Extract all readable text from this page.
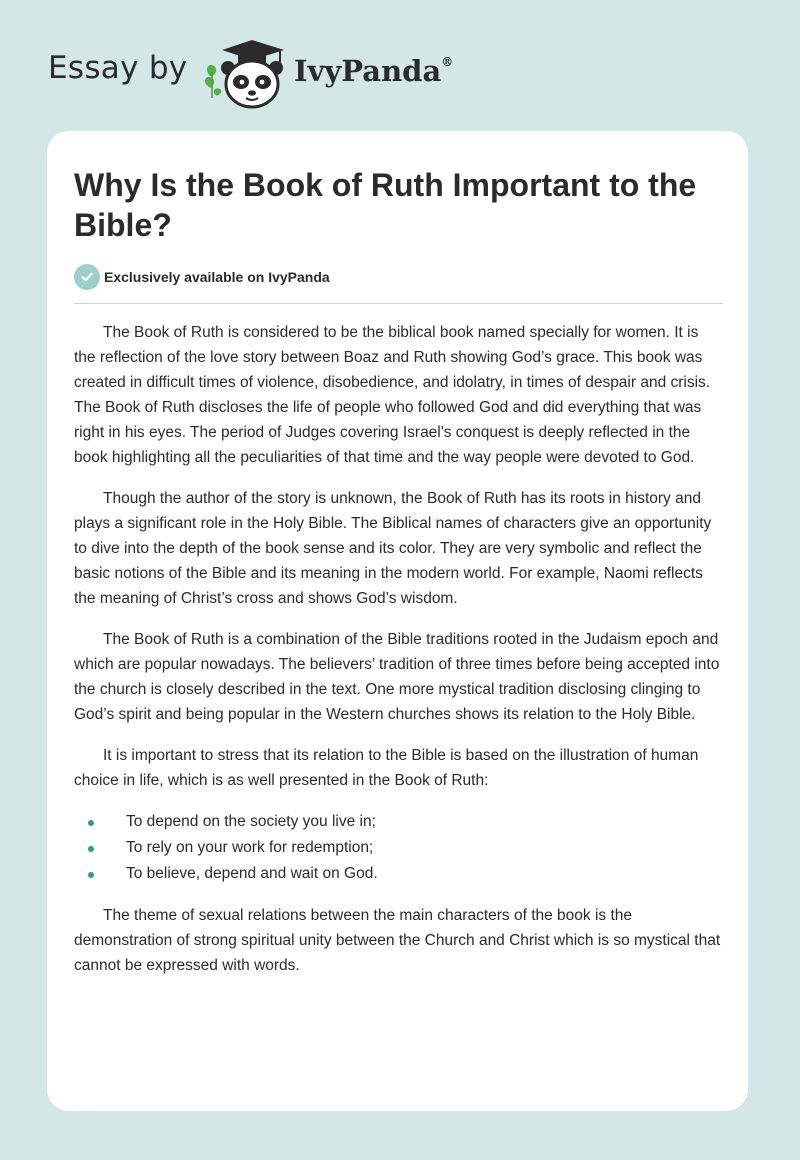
Essay by	IvyPanda®
Why Is the Book of Ruth Important to the Bible?
Exclusively available on IvyPanda

The Book of Ruth is considered to be the biblical book named specially for women. It is the reflection of the love story between Boaz and Ruth showing God’s grace. This book was created in difficult times of violence, disobedience, and idolatry, in times of despair and crisis. The Book of Ruth discloses the life of people who followed God and did everything that was right in his eyes. The period of Judges covering Israel's conquest is deeply reflected in the book highlighting all the peculiarities of that time and the way people were devoted to God.

Though the author of the story is unknown, the Book of Ruth has its roots in history and plays a significant role in the Holy Bible. The Biblical names of characters give an opportunity to dive into the depth of the book sense and its color. They are very symbolic and reflect the basic notions of the Bible and its meaning in the modern world. For example, Naomi reflects the meaning of Christ’s cross and shows God’s wisdom.

The Book of Ruth is a combination of the Bible traditions rooted in the Judaism epoch and which are popular nowadays. The believers’ tradition of three times before being accepted into the church is closely described in the text. One more mystical tradition disclosing clinging to God’s spirit and being popular in the Western churches shows its relation to the Holy Bible.

It is important to stress that its relation to the Bible is based on the illustration of human choice in life, which is as well presented in the Book of Ruth:

To depend on the society you live in;
To rely on your work for redemption;
To believe, depend and wait on God.

The theme of sexual relations between the main characters of the book is the demonstration of strong spiritual unity between the Church and Christ which is so mystical that cannot be expressed with words.
